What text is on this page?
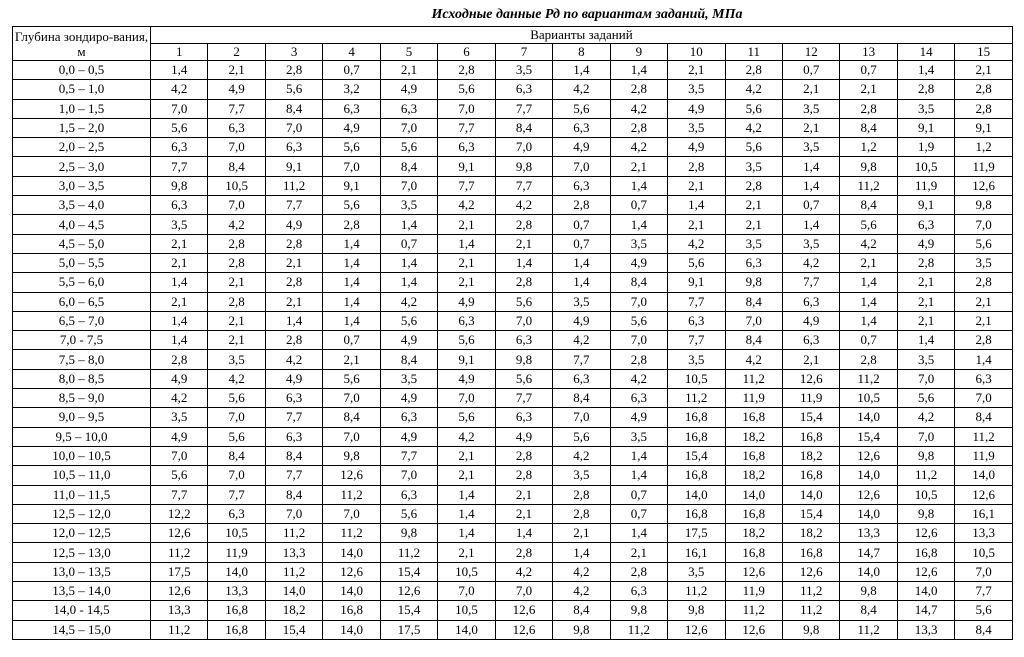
Исходные данные Рд по вариантам заданий, МПа
Глубина зондиро-вания, м	Варианты заданий														
	1	2	3	4	5	6	7	8	9	10	11	12	13	14	15
0,0 – 0,5	1,4	2,1	2,8	0,7	2,1	2,8	3,5	1,4	1,4	2,1	2,8	0,7	0,7	1,4	2,1
0,5 – 1,0	4,2	4,9	5,6	3,2	4,9	5,6	6,3	4,2	2,8	3,5	4,2	2,1	2,1	2,8	2,8
1,0 – 1,5	7,0	7,7	8,4	6,3	6,3	7,0	7,7	5,6	4,2	4,9	5,6	3,5	2,8	3,5	2,8
1,5 – 2,0	5,6	6,3	7,0	4,9	7,0	7,7	8,4	6,3	2,8	3,5	4,2	2,1	8,4	9,1	9,1
2,0 – 2,5	6,3	7,0	6,3	5,6	5,6	6,3	7,0	4,9	4,2	4,9	5,6	3,5	1,2	1,9	1,2
2,5 – 3,0	7,7	8,4	9,1	7,0	8,4	9,1	9,8	7,0	2,1	2,8	3,5	1,4	9,8	10,5	11,9
3,0 – 3,5	9,8	10,5	11,2	9,1	7,0	7,7	7,7	6,3	1,4	2,1	2,8	1,4	11,2	11,9	12,6
3,5 – 4,0	6,3	7,0	7,7	5,6	3,5	4,2	4,2	2,8	0,7	1,4	2,1	0,7	8,4	9,1	9,8
4,0 – 4,5	3,5	4,2	4,9	2,8	1,4	2,1	2,8	0,7	1,4	2,1	2,1	1,4	5,6	6,3	7,0
4,5 – 5,0	2,1	2,8	2,8	1,4	0,7	1,4	2,1	0,7	3,5	4,2	3,5	3,5	4,2	4,9	5,6
5,0 – 5,5	2,1	2,8	2,1	1,4	1,4	2,1	1,4	1,4	4,9	5,6	6,3	4,2	2,1	2,8	3,5
5,5 – 6,0	1,4	2,1	2,8	1,4	1,4	2,1	2,8	1,4	8,4	9,1	9,8	7,7	1,4	2,1	2,8
6,0 – 6,5	2,1	2,8	2,1	1,4	4,2	4,9	5,6	3,5	7,0	7,7	8,4	6,3	1,4	2,1	2,1
6,5 – 7,0	1,4	2,1	1,4	1,4	5,6	6,3	7,0	4,9	5,6	6,3	7,0	4,9	1,4	2,1	2,1
7,0 - 7,5	1,4	2,1	2,8	0,7	4,9	5,6	6,3	4,2	7,0	7,7	8,4	6,3	0,7	1,4	2,8
7,5 – 8,0	2,8	3,5	4,2	2,1	8,4	9,1	9,8	7,7	2,8	3,5	4,2	2,1	2,8	3,5	1,4
8,0 – 8,5	4,9	4,2	4,9	5,6	3,5	4,9	5,6	6,3	4,2	10,5	11,2	12,6	11,2	7,0	6,3
8,5 – 9,0	4,2	5,6	6,3	7,0	4,9	7,0	7,7	8,4	6,3	11,2	11,9	11,9	10,5	5,6	7,0
9,0 – 9,5	3,5	7,0	7,7	8,4	6,3	5,6	6,3	7,0	4,9	16,8	16,8	15,4	14,0	4,2	8,4
9,5 – 10,0	4,9	5,6	6,3	7,0	4,9	4,2	4,9	5,6	3,5	16,8	18,2	16,8	15,4	7,0	11,2
10,0 – 10,5	7,0	8,4	8,4	9,8	7,7	2,1	2,8	4,2	1,4	15,4	16,8	18,2	12,6	9,8	11,9
10,5 – 11,0	5,6	7,0	7,7	12,6	7,0	2,1	2,8	3,5	1,4	16,8	18,2	16,8	14,0	11,2	14,0
11,0 – 11,5	7,7	7,7	8,4	11,2	6,3	1,4	2,1	2,8	0,7	14,0	14,0	14,0	12,6	10,5	12,6
12,5 – 12,0	12,2	6,3	7,0	7,0	5,6	1,4	2,1	2,8	0,7	16,8	16,8	15,4	14,0	9,8	16,1
12,0 – 12,5	12,6	10,5	11,2	11,2	9,8	1,4	1,4	2,1	1,4	17,5	18,2	18,2	13,3	12,6	13,3
12,5 – 13,0	11,2	11,9	13,3	14,0	11,2	2,1	2,8	1,4	2,1	16,1	16,8	16,8	14,7	16,8	10,5
13,0 – 13,5	17,5	14,0	11,2	12,6	15,4	10,5	4,2	4,2	2,8	3,5	12,6	12,6	14,0	12,6	7,0
13,5 – 14,0	12,6	13,3	14,0	14,0	12,6	7,0	7,0	4,2	6,3	11,2	11,9	11,2	9,8	14,0	7,7
14,0 - 14,5	13,3	16,8	18,2	16,8	15,4	10,5	12,6	8,4	9,8	9,8	11,2	11,2	8,4	14,7	5,6
14,5 – 15,0	11,2	16,8	15,4	14,0	17,5	14,0	12,6	9,8	11,2	12,6	12,6	9,8	11,2	13,3	8,4
